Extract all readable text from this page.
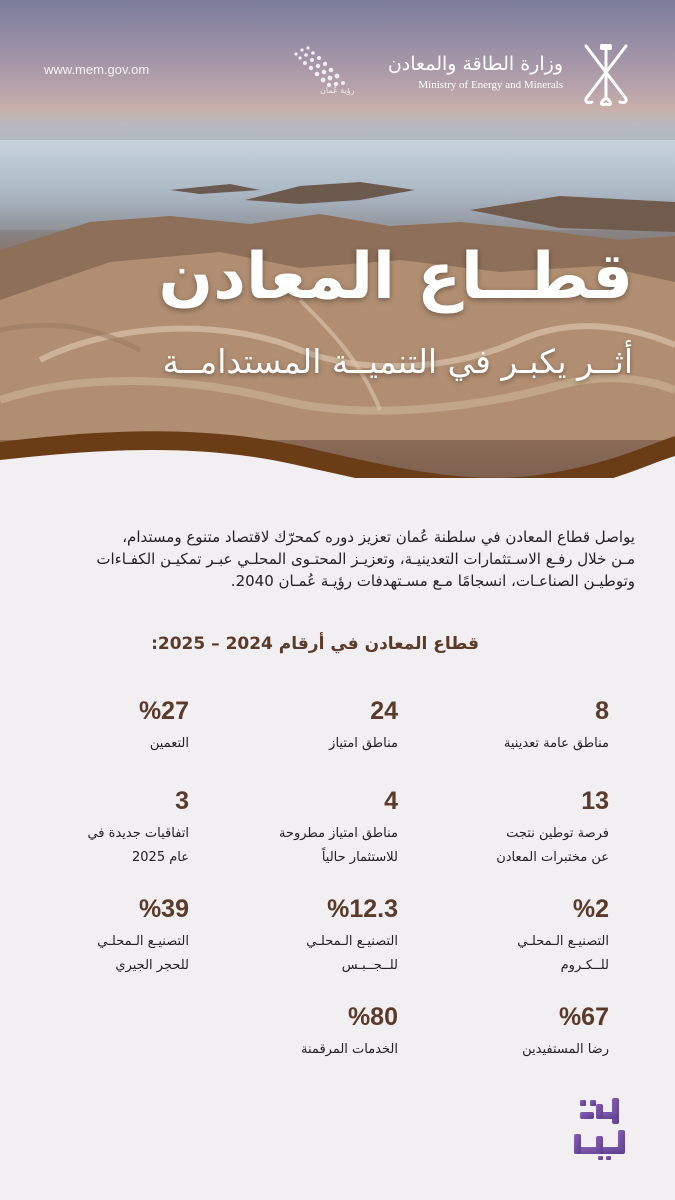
www.mem.gov.om
رؤية عُمان
وزارة الطاقة والمعادن
Ministry of Energy and Minerals
قطــاع المعادن
أثــر يكبـر في التنميــة المستدامــة

يواصل قطاع المعادن في سلطنة عُمان تعزيز دوره كمحرّك لاقتصاد متنوع ومستدام،

مـن خلال رفـع الاسـتثمارات التعدينيـة، وتعزيـز المحتـوى المحلـي عبـر تمكيـن الكفـاءات

وتوطيـن الصناعـات، انسجامًا مـع مسـتهدفات رؤيـة عُمـان 2040.

قطاع المعادن في أرقام 2024 – 2025:
8
مناطق عامة تعدينية
24
مناطق امتياز
%27
التعمين
13
فرصة توطين نتجت
عن مختبرات المعادن
4
مناطق امتياز مطروحة
للاستثمار حالياً
3
اتفاقيات جديدة في
عام 2025
%2
التصنيـع الـمحلـي
للــكـروم
%12.3
التصنيـع الـمحلـي
للــجــبـس
%39
التصنيـع الـمحلـي
للحجر الجيري
%67
رضا المستفيدين
%80
الخدمات المرقمنة
